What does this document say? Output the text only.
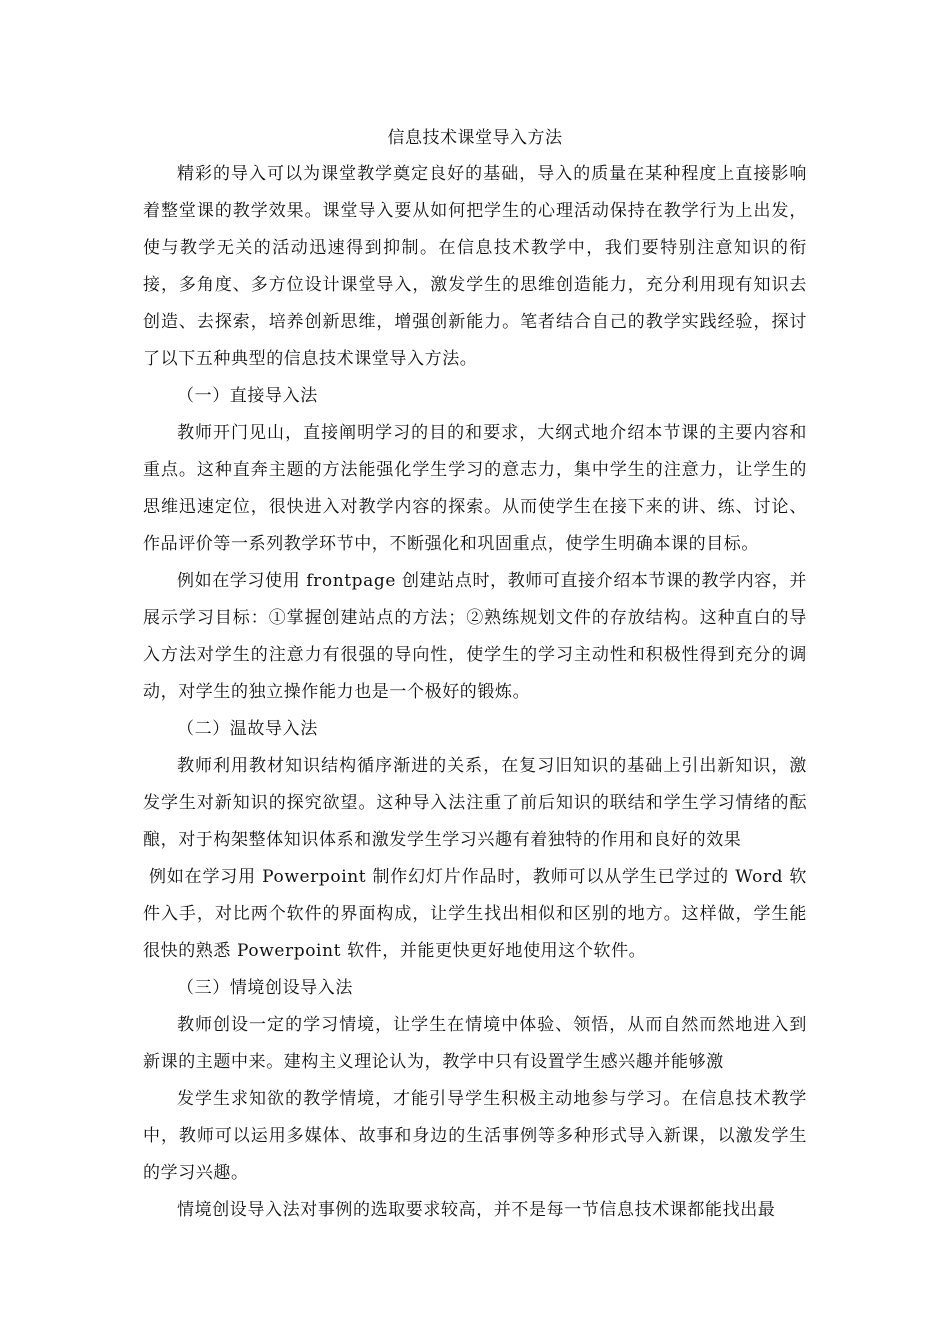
信息技术课堂导入方法

精彩的导入可以为课堂教学奠定良好的基础，导入的质量在某种程度上直接影响着整堂课的教学效果。课堂导入要从如何把学生的心理活动保持在教学行为上出发，使与教学无关的活动迅速得到抑制。在信息技术教学中，我们要特别注意知识的衔接，多角度、多方位设计课堂导入，激发学生的思维创造能力，充分利用现有知识去创造、去探索，培养创新思维，增强创新能力。笔者结合自己的教学实践经验，探讨了以下五种典型的信息技术课堂导入方法。

（一）直接导入法

教师开门见山，直接阐明学习的目的和要求，大纲式地介绍本节课的主要内容和重点。这种直奔主题的方法能强化学生学习的意志力，集中学生的注意力，让学生的思维迅速定位，很快进入对教学内容的探索。从而使学生在接下来的讲、练、讨论、作品评价等一系列教学环节中，不断强化和巩固重点，使学生明确本课的目标。

例如在学习使用 frontpage 创建站点时，教师可直接介绍本节课的教学内容，并展示学习目标：①掌握创建站点的方法；②熟练规划文件的存放结构。这种直白的导入方法对学生的注意力有很强的导向性，使学生的学习主动性和积极性得到充分的调动，对学生的独立操作能力也是一个极好的锻炼。

（二）温故导入法

教师利用教材知识结构循序渐进的关系，在复习旧知识的基础上引出新知识，激发学生对新知识的探究欲望。这种导入法注重了前后知识的联结和学生学习情绪的酝酿，对于构架整体知识体系和激发学生学习兴趣有着独特的作用和良好的效果

例如在学习用 Powerpoint 制作幻灯片作品时，教师可以从学生已学过的 Word 软件入手，对比两个软件的界面构成，让学生找出相似和区别的地方。这样做，学生能很快的熟悉 Powerpoint 软件，并能更快更好地使用这个软件。

（三）情境创设导入法

教师创设一定的学习情境，让学生在情境中体验、领悟，从而自然而然地进入到新课的主题中来。建构主义理论认为，教学中只有设置学生感兴趣并能够激

发学生求知欲的教学情境，才能引导学生积极主动地参与学习。在信息技术教学中，教师可以运用多媒体、故事和身边的生活事例等多种形式导入新课，以激发学生的学习兴趣。

情境创设导入法对事例的选取要求较高，并不是每一节信息技术课都能找出最
